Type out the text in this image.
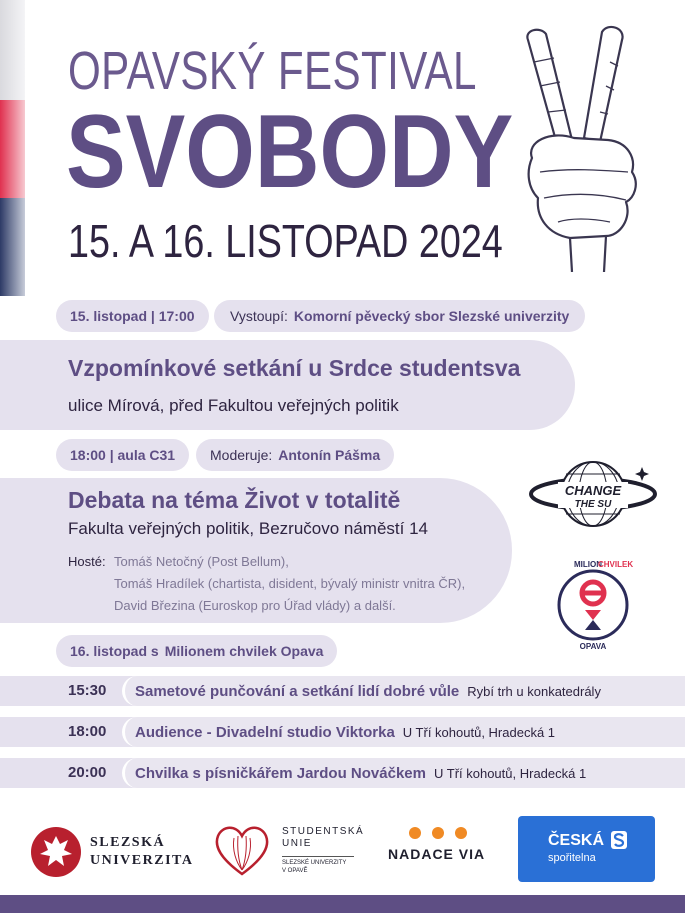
OPAVSKÝ FESTIVAL
SVOBODY
15. A 16. LISTOPAD 2024
15. listopad | 17:00	Vystoupí: Komorní pěvecký sbor Slezské univerzity
Vzpomínkové setkání u Srdce studentsva
ulice Mírová, před Fakultou veřejných politik
18:00 | aula C31 Moderuje: Antonín Pášma
Debata na téma Život v totalitě
Fakulta veřejných politik, Bezručovo náměstí 14
Hosté: Tomáš Netočný (Post Bellum),
Tomáš Hradílek (chartista, disident, bývalý ministr vnitra ČR),
David Březina (Euroskop pro Úřad vlády) a další.
CHANGE
THE SU
MILION
CHVILEK
OPAVA
16. listopad s Milionem chvilek Opava
15:30 Sametové punčování a setkání lidí dobré vůle Rybí trh u konkatedrály
18:00 Audience - Divadelní studio Viktorka U Tří kohoutů, Hradecká 1
20:00 Chvilka s písničkářem Jardou Nováčkem U Tří kohoutů, Hradecká 1
SLEZSKÁ
UNIVERZITA
STUDENTSKÁ
UNIE
SLEZSKÉ UNIVERZITY
V OPAVĚ
NADACE VIA
ČESKÁ
spořitelna
